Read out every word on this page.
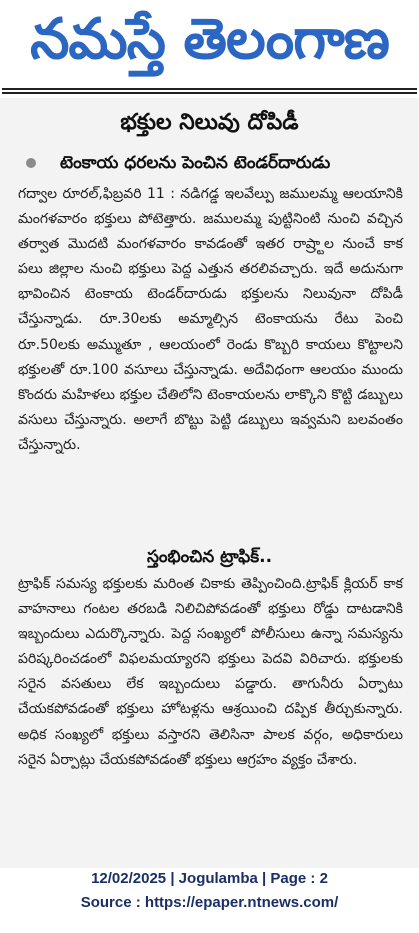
నమస్తే తెలంగాణ
భక్తుల నిలువు దోపిడీ
టెంకాయ ధరలను పెంచిన టెండర్‌దారుడు

గద్వాల రూరల్‌,ఫిబ్రవరి 11 : నడిగడ్డ ఇలవేల్పు జములమ్మ ఆలయానికి మంగళవారం భక్తులు పోటెత్తారు. జములమ్మ పుట్టినింటి నుంచి వచ్చిన తర్వాత మొదటి మంగళవారం కావడంతో ఇతర రాష్ర్టాల నుంచే కాక పలు జిల్లాల నుంచి భక్తులు పెద్ద ఎత్తున తరలివచ్చారు. ఇదే అదునుగా భావించిన టెంకాయ టెండర్‌దారుడు భక్తులను నిలువునా దోపిడీ చేస్తున్నాడు. రూ.30లకు అమ్మాల్సిన టెంకాయను రేటు పెంచి రూ.50లకు అమ్ముతూ , ఆలయంలో రెండు కొబ్బరి కాయలు కొట్టాలని భక్తులతో రూ.100 వసూలు చేస్తున్నాడు. అదేవిధంగా ఆలయం ముందు కొందరు మహిళలు భక్తుల చేతిలోని టెంకాయలను లాక్కొని కొట్టి డబ్బులు వసులు చేస్తున్నారు. అలాగే బొట్టు పెట్టి డబ్బులు ఇవ్వమని బలవంతం చేస్తున్నారు.

స్తంభించిన ట్రాఫిక్‌..

ట్రాఫిక్‌ సమస్య భక్తులకు మరింత చికాకు తెప్పించింది.ట్రాఫిక్‌ క్లియర్‌ కాక వాహనాలు గంటల తరబడి నిలిచిపోవడంతో భక్తులు రోడ్డు దాటడానికి ఇబ్బందులు ఎదుర్కొన్నారు. పెద్ద సంఖ్యలో పోలీసులు ఉన్నా సమస్యను పరిష్కరించడంలో విఫలమయ్యారని భక్తులు పెదవి విరిచారు. భక్తులకు సరైన వసతులు లేక ఇబ్బందులు పడ్డారు. తాగునీరు ఏర్పాటు చేయకపోవడంతో భక్తులు హోటళ్లను ఆశ్రయించి దప్పిక తీర్చుకున్నారు. అధిక సంఖ్యలో భక్తులు వస్తారని తెలిసినా పాలక వర్గం, అధికారులు సరైన ఏర్పాట్లు చేయకపోవడంతో భక్తులు ఆగ్రహం వ్యక్తం చేశారు.

12/02/2025 | Jogulamba | Page : 2
Source : https://epaper.ntnews.com/
